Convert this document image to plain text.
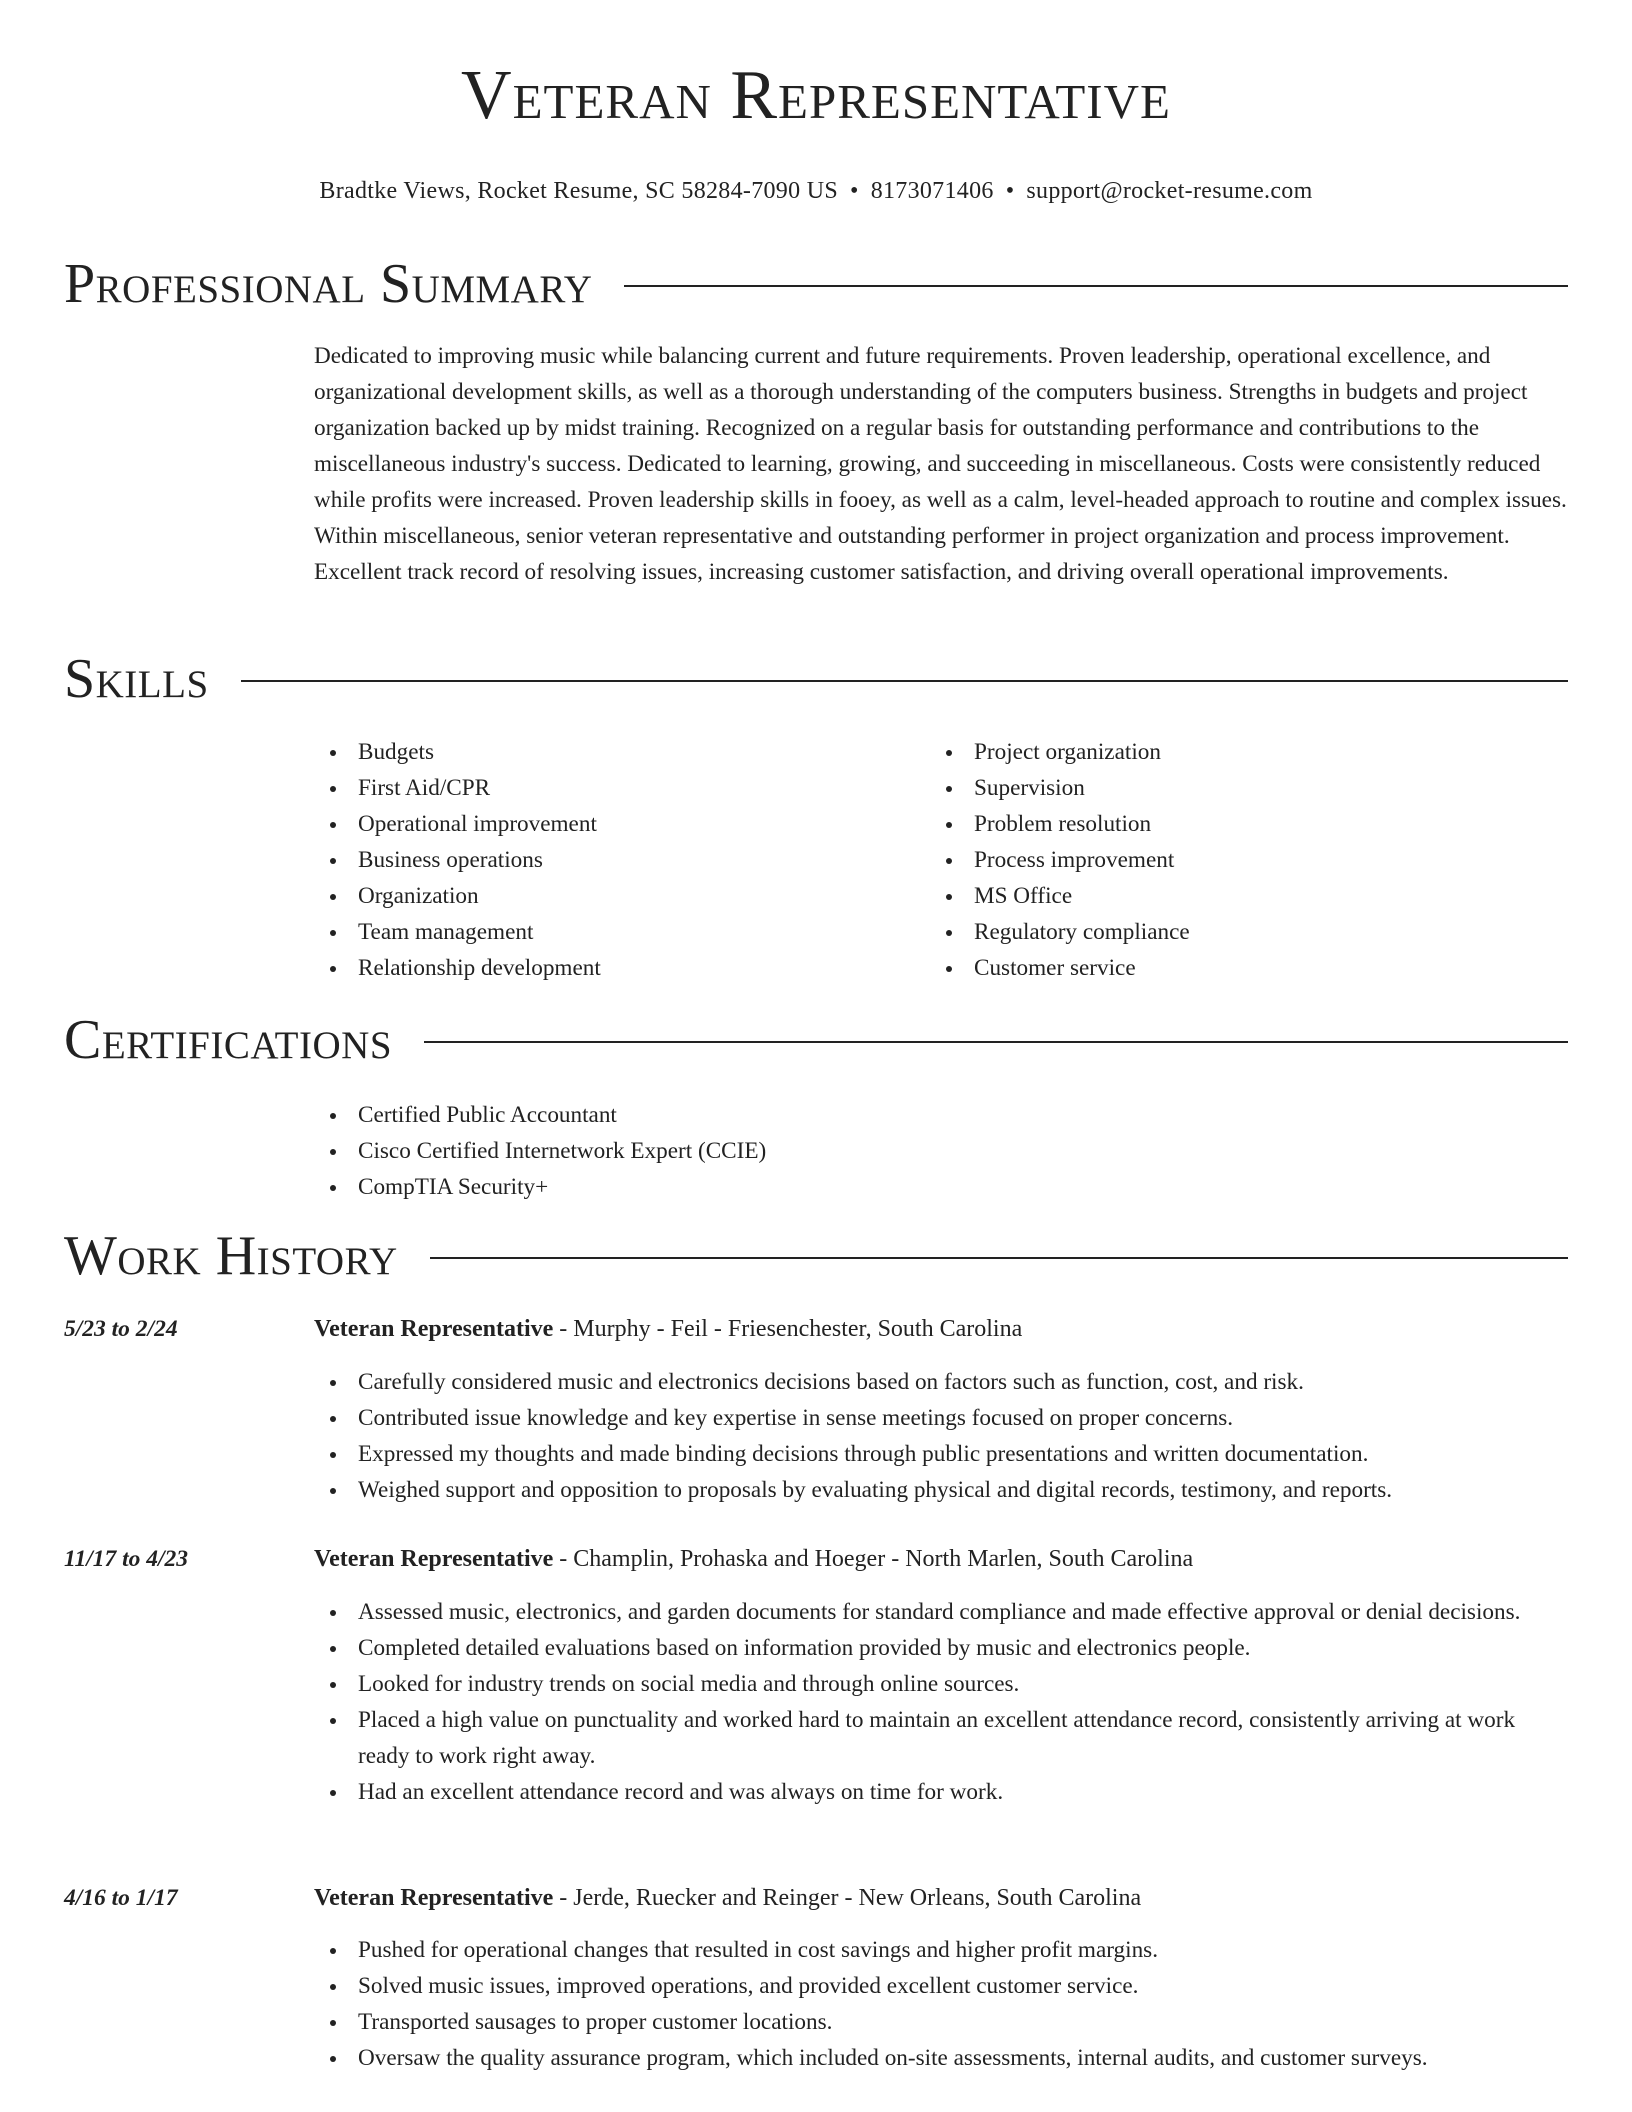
Veteran Representative
Bradtke Views, Rocket Resume, SC 58284-7090 US • 8173071406 • support@rocket-resume.com
Professional Summary

Dedicated to improving music while balancing current and future requirements. Proven leadership, operational excellence, and organizational development skills, as well as a thorough understanding of the computers business. Strengths in budgets and project organization backed up by midst training. Recognized on a regular basis for outstanding performance and contributions to the miscellaneous industry's success. Dedicated to learning, growing, and succeeding in miscellaneous. Costs were consistently reduced while profits were increased. Proven leadership skills in fooey, as well as a calm, level-headed approach to routine and complex issues. Within miscellaneous, senior veteran representative and outstanding performer in project organization and process improvement. Excellent track record of resolving issues, increasing customer satisfaction, and driving overall operational improvements.

Skills
Budgets
First Aid/CPR
Operational improvement
Business operations
Organization
Team management
Relationship development
Project organization
Supervision
Problem resolution
Process improvement
MS Office
Regulatory compliance
Customer service
Certifications
Certified Public Accountant
Cisco Certified Internetwork Expert (CCIE)
CompTIA Security+
Work History
5/23 to 2/24	Veteran Representative - Murphy - Feil - Friesenchester, South Carolina
Carefully considered music and electronics decisions based on factors such as function, cost, and risk.
Contributed issue knowledge and key expertise in sense meetings focused on proper concerns.
Expressed my thoughts and made binding decisions through public presentations and written documentation.
Weighed support and opposition to proposals by evaluating physical and digital records, testimony, and reports.
11/17 to 4/23	Veteran Representative - Champlin, Prohaska and Hoeger - North Marlen, South Carolina
Assessed music, electronics, and garden documents for standard compliance and made effective approval or denial decisions.
Completed detailed evaluations based on information provided by music and electronics people.
Looked for industry trends on social media and through online sources.
Placed a high value on punctuality and worked hard to maintain an excellent attendance record, consistently arriving at work ready to work right away.
Had an excellent attendance record and was always on time for work.
4/16 to 1/17	Veteran Representative - Jerde, Ruecker and Reinger - New Orleans, South Carolina
Pushed for operational changes that resulted in cost savings and higher profit margins.
Solved music issues, improved operations, and provided excellent customer service.
Transported sausages to proper customer locations.
Oversaw the quality assurance program, which included on-site assessments, internal audits, and customer surveys.
